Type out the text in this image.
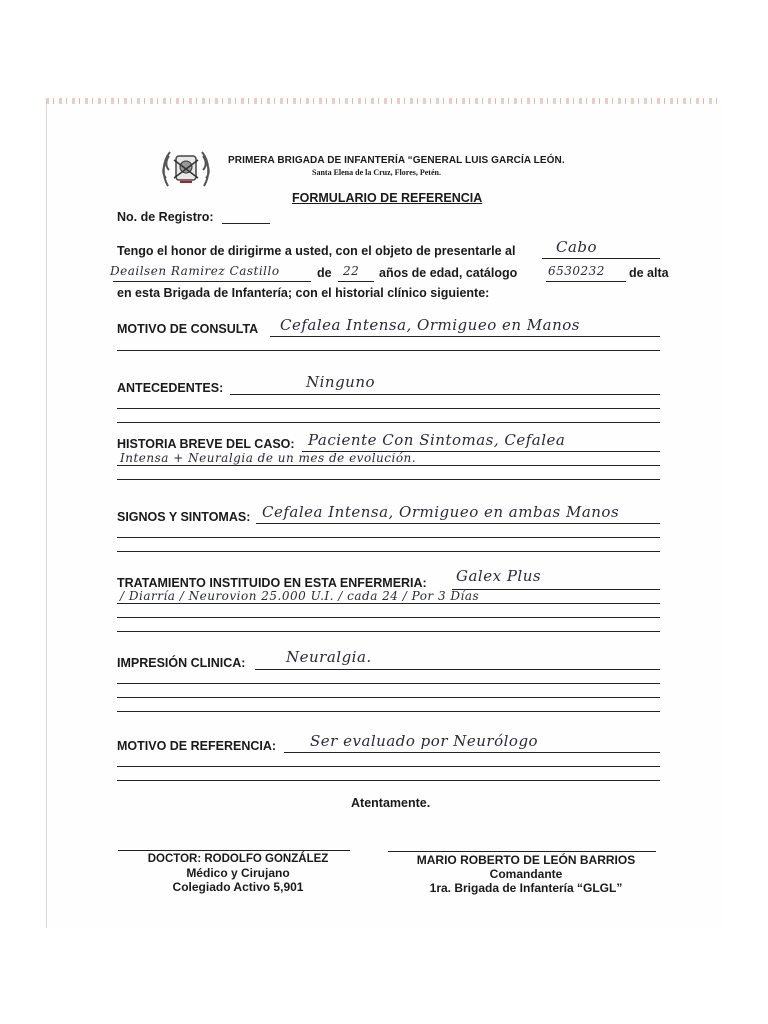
PRIMERA BRIGADA DE INFANTERÍA “GENERAL LUIS GARCÍA LEÓN.
Santa Elena de la Cruz, Flores, Petén.
FORMULARIO DE REFERENCIA
No. de Registro:
Tengo el honor de dirigirme a usted, con el objeto de presentarle al	Cabo
Deailsen Ramirez Castillo	de 22 años de edad, catálogo	6530232 de alta
en esta Brigada de Infantería; con el historial clínico siguiente:
MOTIVO DE CONSULTA Cefalea Intensa, Ormigueo en Manos
ANTECEDENTES:	Ninguno
HISTORIA BREVE DEL CASO: Paciente Con Sintomas, Cefalea
Intensa + Neuralgia de un mes de evolución.
SIGNOS Y SINTOMAS: Cefalea Intensa, Ormigueo en ambas Manos
TRATAMIENTO INSTITUIDO EN ESTA ENFERMERIA: Galex Plus
/ Diarría / Neurovion 25.000 U.I. / cada 24 / Por 3 Días
IMPRESIÓN CLINICA:	Neuralgia.
MOTIVO DE REFERENCIA: Ser evaluado por Neurólogo
Atentamente.
DOCTOR: RODOLFO GONZÁLEZ
Médico y Cirujano
Colegiado Activo 5,901
MARIO ROBERTO DE LEÓN BARRIOS
Comandante
1ra. Brigada de Infantería “GLGL”
